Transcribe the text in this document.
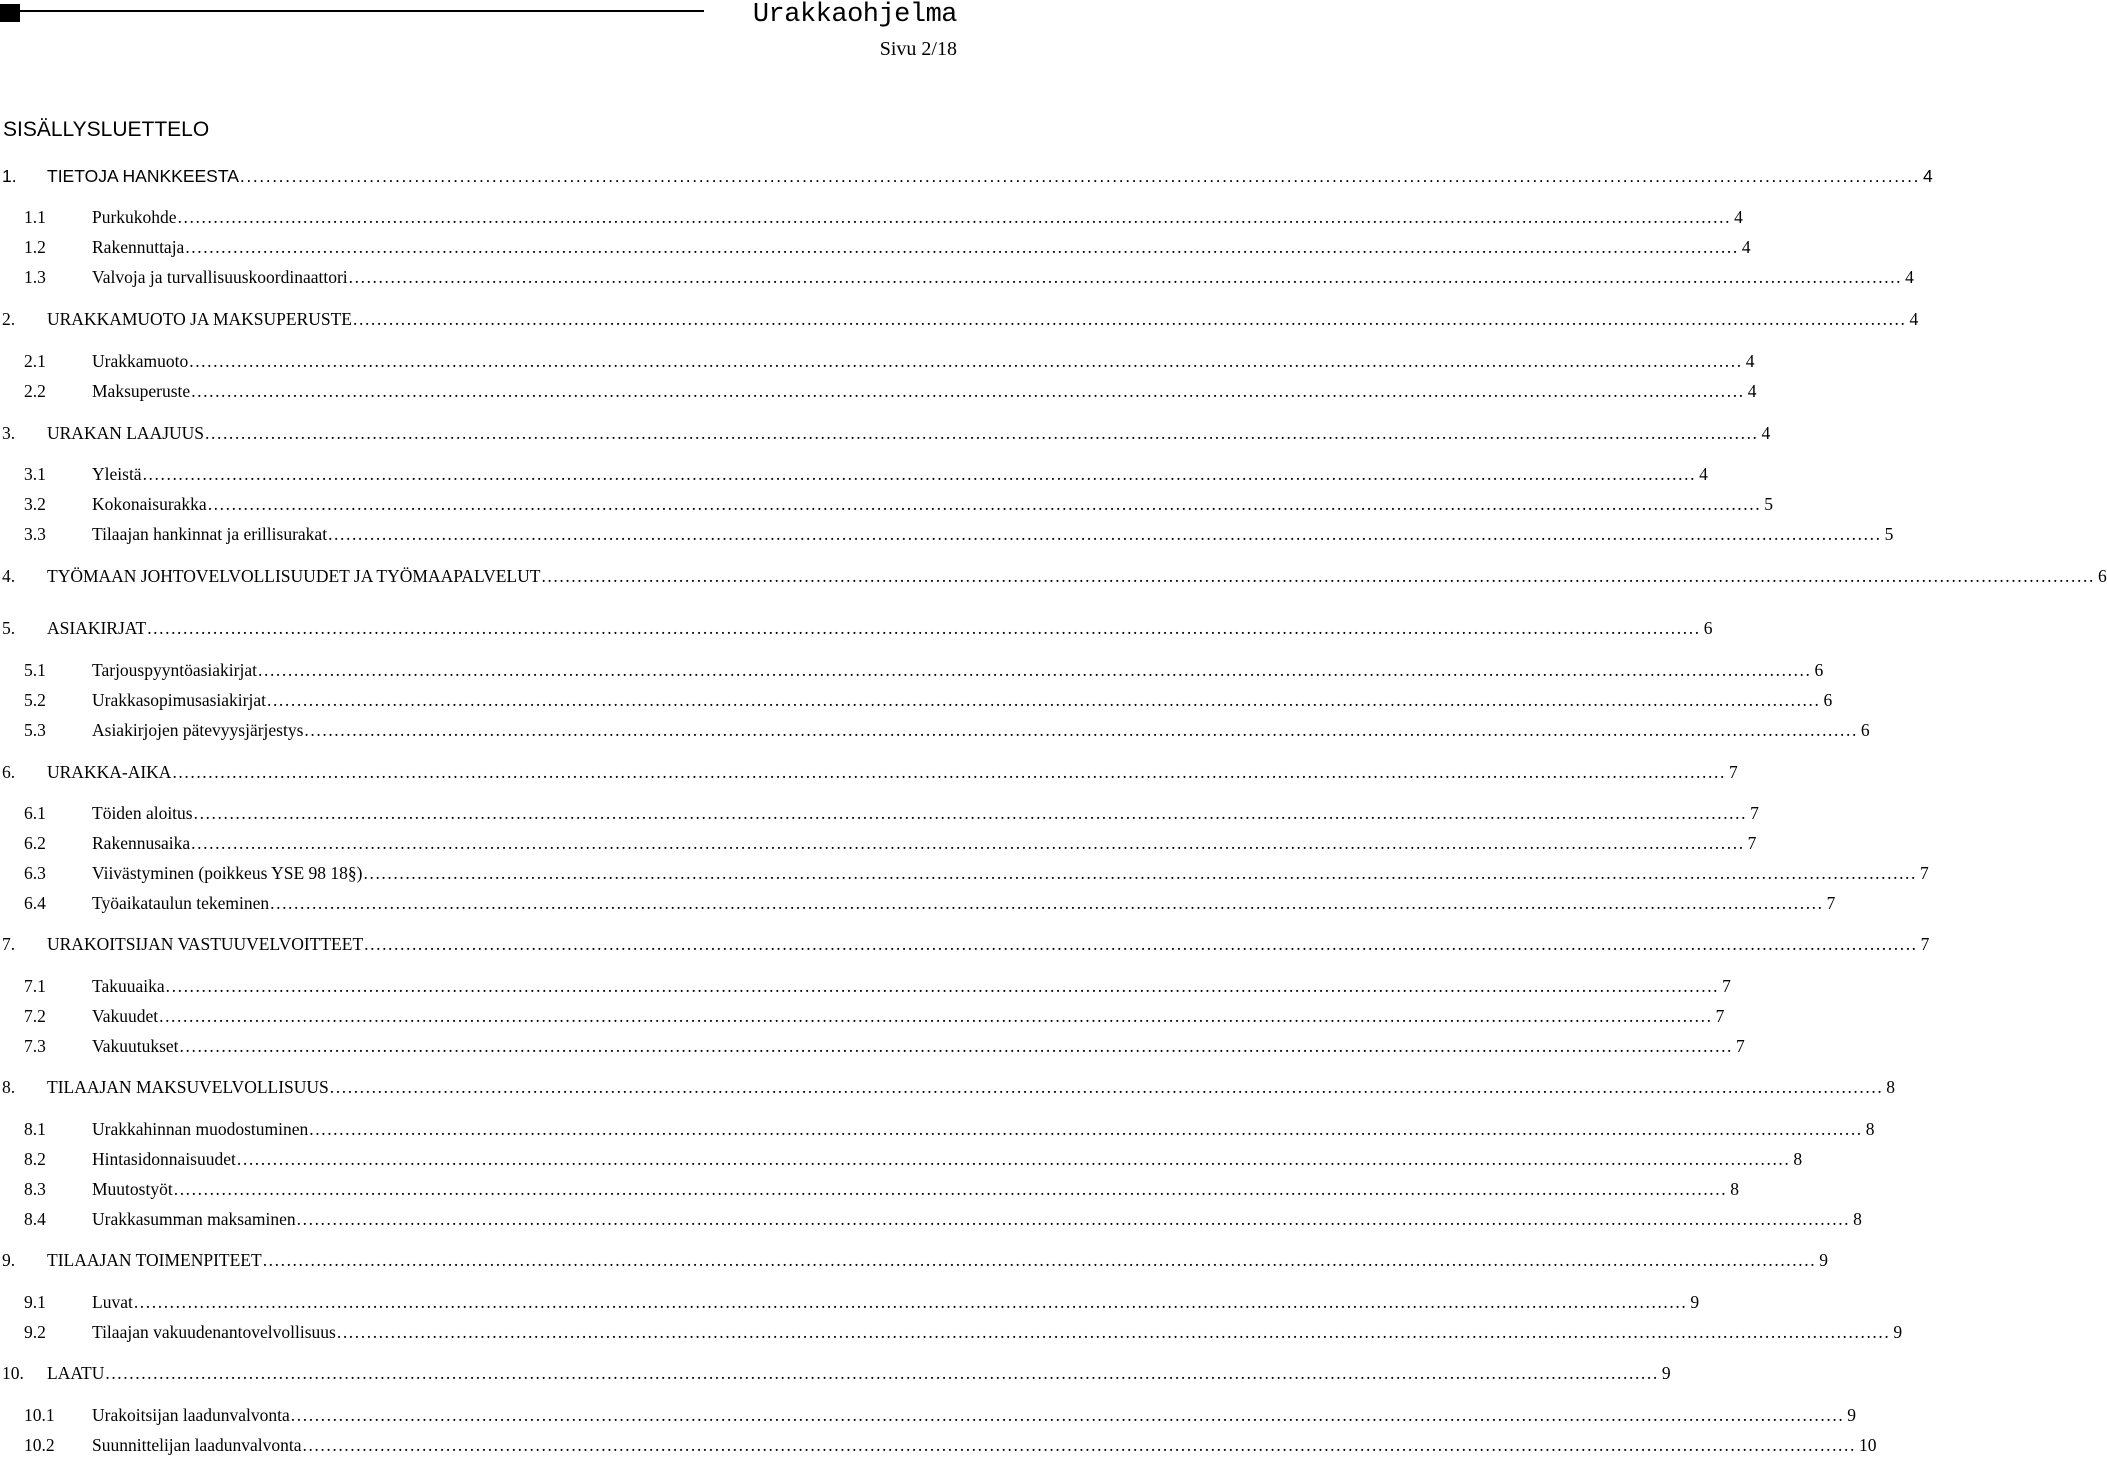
Urakkaohjelma
Sivu 2/18
SISÄLLYSLUETTELO
1.	TIETOJA HANKKEESTA .....	4
1.1	Purkukohde .....	4
1.2	Rakennuttaja .....	4
1.3	Valvoja ja turvallisuuskoordinaattori .....	4
2.	URAKKAMUOTO JA MAKSUPERUSTE .....	4
2.1	Urakkamuoto .....	4
2.2	Maksuperuste .....	4
3.	URAKAN LAAJUUS .....	4
3.1	Yleistä .....	4
3.2	Kokonaisurakka .....	5
3.3	Tilaajan hankinnat ja erillisurakat .....	5
4.	TYÖMAAN JOHTOVELVOLLISUUDET JA TYÖMAAPALVELUT .....	6
5.	ASIAKIRJAT .....	6
5.1	Tarjouspyyntöasiakirjat .....	6
5.2	Urakkasopimusasiakirjat .....	6
5.3	Asiakirjojen pätevyysjärjestys .....	6
6.	URAKKA-AIKA .....	7
6.1	Töiden aloitus .....	7
6.2	Rakennusaika .....	7
6.3	Viivästyminen (poikkeus YSE 98 18§) .....	7
6.4	Työaikataulun tekeminen .....	7
7.	URAKOITSIJAN VASTUUVELVOITTEET .....	7
7.1	Takuuaika .....	7
7.2	Vakuudet .....	7
7.3	Vakuutukset .....	7
8.	TILAAJAN MAKSUVELVOLLISUUS .....	8
8.1	Urakkahinnan muodostuminen .....	8
8.2	Hintasidonnaisuudet .....	8
8.3	Muutostyöt .....	8
8.4	Urakkasumman maksaminen .....	8
9.	TILAAJAN TOIMENPITEET .....	9
9.1	Luvat .....	9
9.2	Tilaajan vakuudenantovelvollisuus .....	9
10.	LAATU .....	9
10.1	Urakoitsijan laadunvalvonta .....	9
10.2	Suunnittelijan laadunvalvonta .....	10
